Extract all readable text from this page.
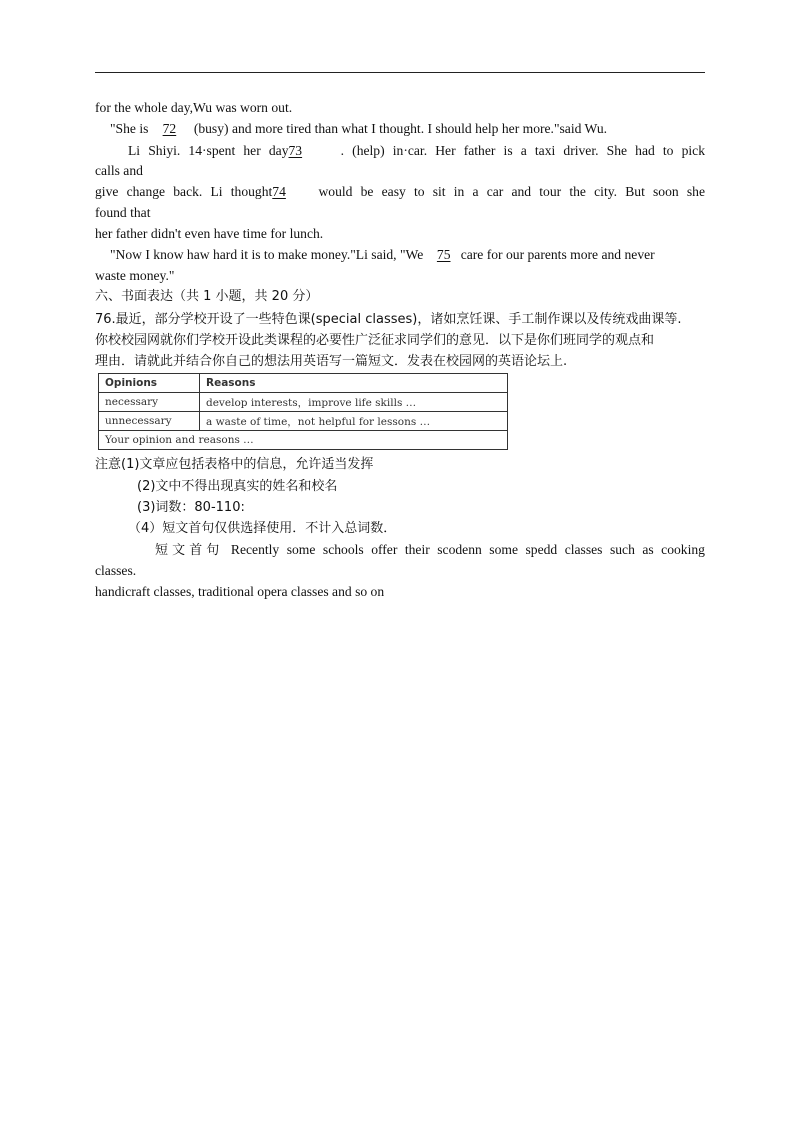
for the whole day,Wu was worn out.
"She is 72 (busy) and more tired than what I thought. I should help her more."said Wu.
Li Shiyi. 14·spent her day73	. (help) in·car. Her father is a taxi driver. She had to pick
calls and
give change back. Li thought74 would be easy to sit in a car and tour the city. But soon she
found that
her father didn't even have time for lunch.
"Now I know haw hard it is to make money."Li said, "We 75 care for our parents more and never
waste money."
六、书面表达（共 1 小题，共 20 分）
76.最近，部分学校开设了一些特色课(special classes)，诸如烹饪课、手工制作课以及传统戏曲课等.
你校校园网就你们学校开设此类课程的必要性广泛征求同学们的意见．以下是你们班同学的观点和
理由．请就此并结合你自己的想法用英语写一篇短文．发表在校园网的英语论坛上.
Opinions	Reasons
necessary	develop interests，improve life skills …
unnecessary	a waste of time，not helpful for lessons …
Your opinion and reasons …	
注意(1)文章应包括表格中的信息，允许适当发挥
(2)文中不得出现真实的姓名和校名
(3)词数：80-110:
（4）短文首句仅供选择使用．不计入总词数．
短文首句 Recently some schools offer their scodenn some spedd classes such as cooking
classes.
handicraft classes, traditional opera classes and so on
